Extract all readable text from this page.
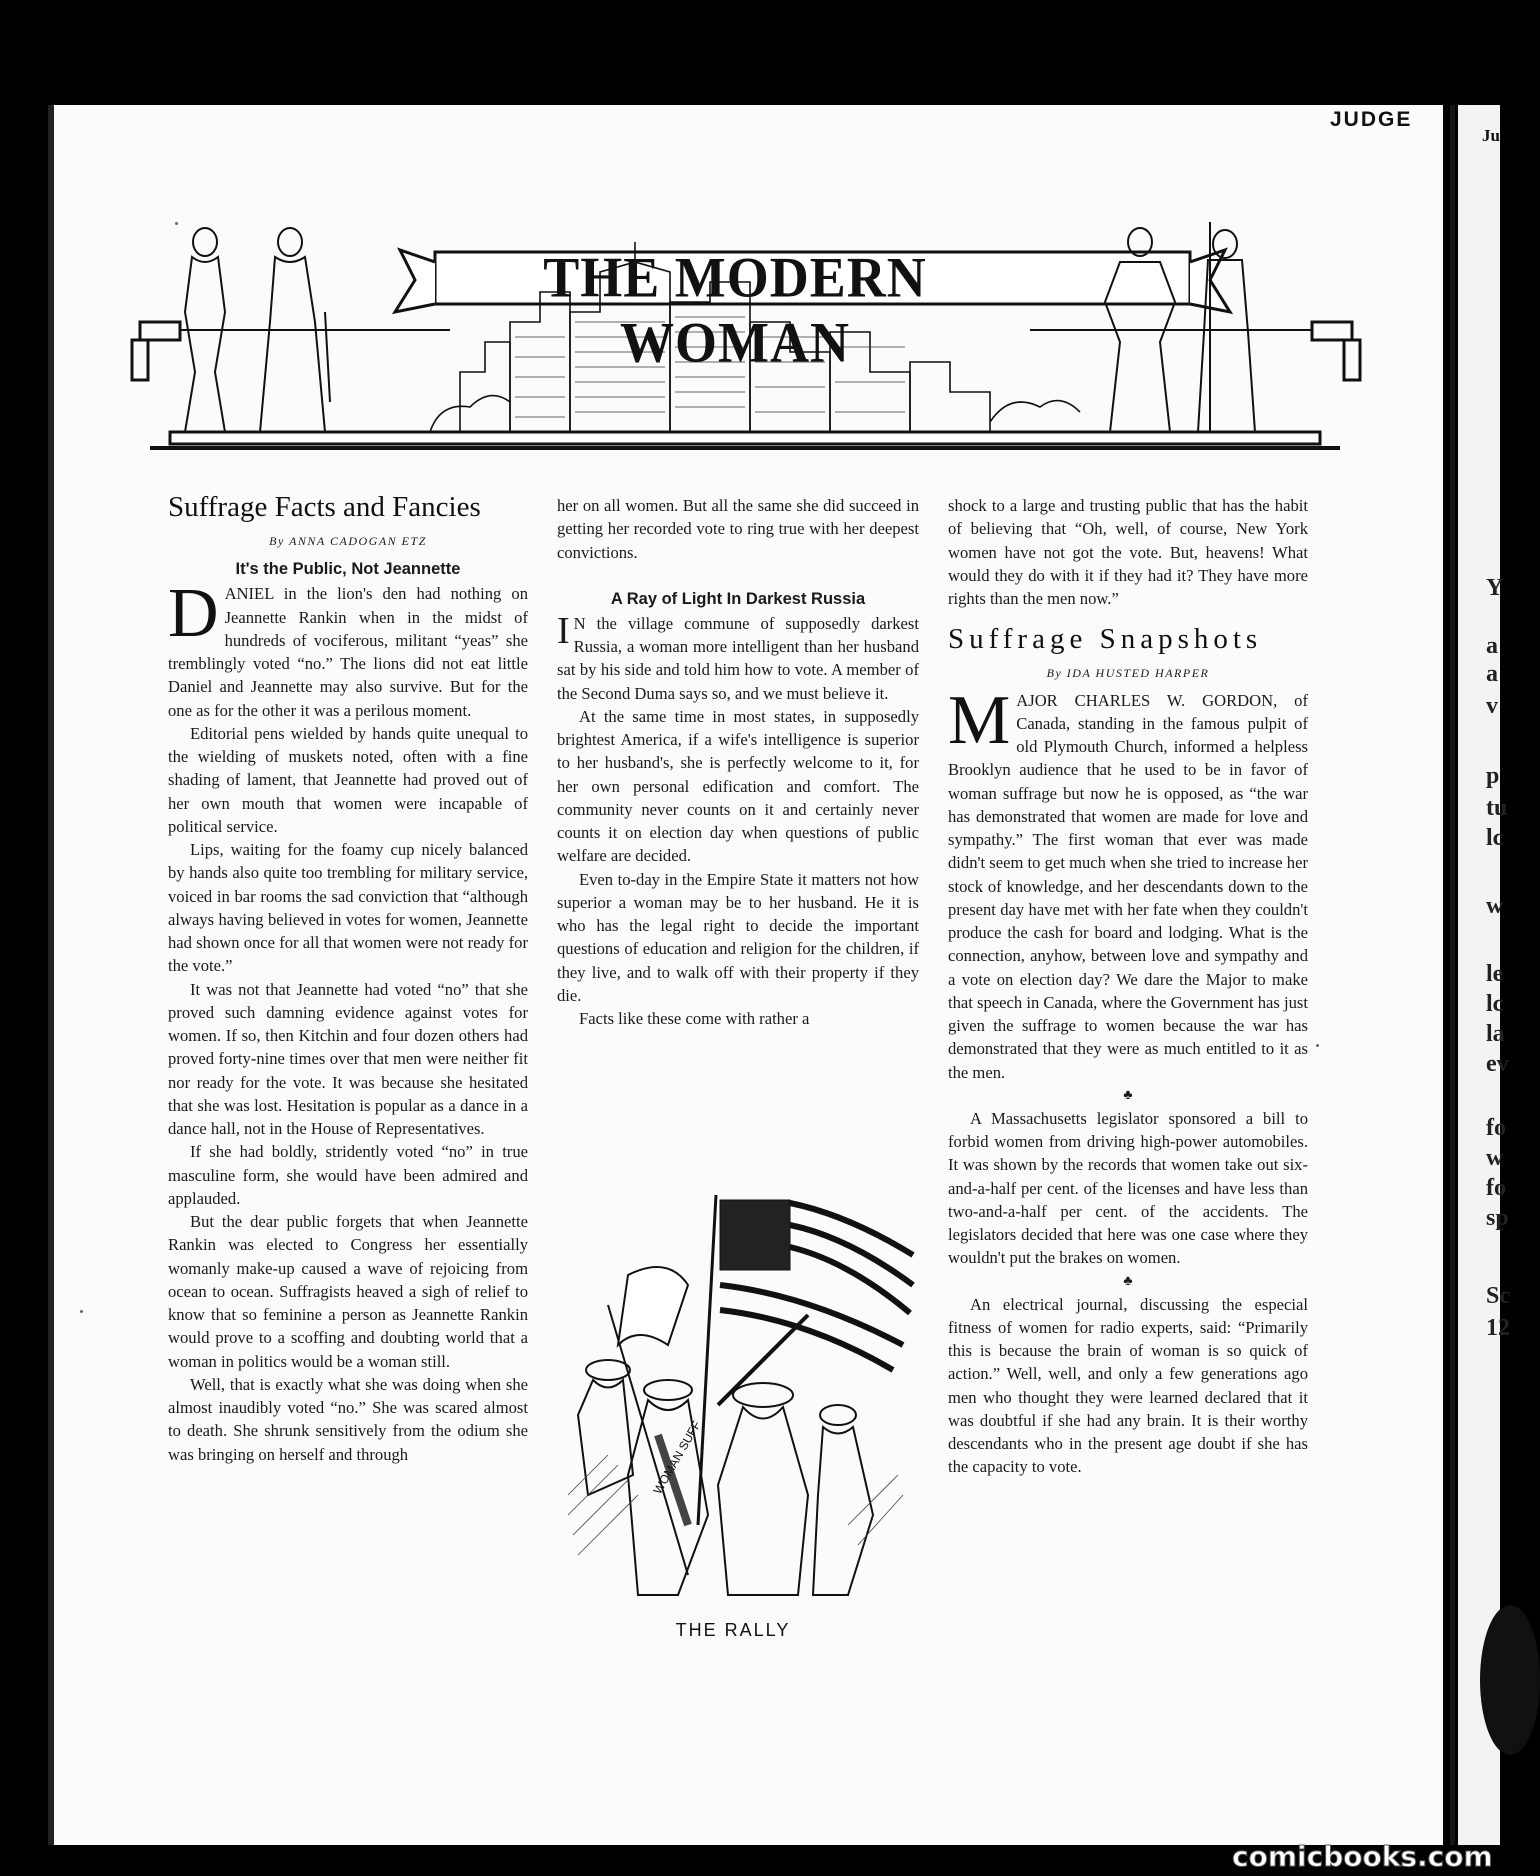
Y
a
a
v
p
tu
lc
w
le
lc
la
ev
fo
w
fo
sp
Sc
12
JUDGE
Ju
THE MODERN WOMAN
Suffrage Facts and Fancies
By ANNA CADOGAN ETZ
It's the Public, Not Jeannette

DANIEL in the lion's den had nothing on Jeannette Rankin when in the midst of hundreds of vociferous, militant “yeas” she tremblingly voted “no.” The lions did not eat little Daniel and Jeannette may also survive. But for the one as for the other it was a perilous moment.

Editorial pens wielded by hands quite unequal to the wielding of muskets noted, often with a fine shading of lament, that Jeannette had proved out of her own mouth that women were incapable of political service.

Lips, waiting for the foamy cup nicely balanced by hands also quite too trembling for military service, voiced in bar rooms the sad conviction that “although always having believed in votes for women, Jeannette had shown once for all that women were not ready for the vote.”

It was not that Jeannette had voted “no” that she proved such damning evidence against votes for women. If so, then Kitchin and four dozen others had proved forty-nine times over that men were neither fit nor ready for the vote. It was because she hesitated that she was lost. Hesitation is popular as a dance in a dance hall, not in the House of Representatives.

If she had boldly, stridently voted “no” in true masculine form, she would have been admired and applauded.

But the dear public forgets that when Jeannette Rankin was elected to Congress her essentially womanly make-up caused a wave of rejoicing from ocean to ocean. Suffragists heaved a sigh of relief to know that so feminine a person as Jeannette Rankin would prove to a scoffing and doubting world that a woman in politics would be a woman still.

Well, that is exactly what she was doing when she almost inaudibly voted “no.” She was scared almost to death. She shrunk sensitively from the odium she was bringing on herself and through

her on all women. But all the same she did succeed in getting her recorded vote to ring true with her deepest convictions.

A Ray of Light In Darkest Russia

I N the village commune of supposedly darkest Russia, a woman more intelligent than her husband sat by his side and told him how to vote. A member of the Second Duma says so, and we must believe it.

At the same time in most states, in supposedly brightest America, if a wife's intelligence is superior to her husband's, she is perfectly welcome to it, for her own personal edification and comfort. The community never counts on it and certainly never counts it on election day when questions of public welfare are decided.

Even to-day in the Empire State it matters not how superior a woman may be to her husband. He it is who has the legal right to decide the important questions of education and religion for the children, if they live, and to walk off with their property if they die.

Facts like these come with rather a

WOMAN SUFF
THE RALLY

shock to a large and trusting public that has the habit of believing that “Oh, well, of course, New York women have not got the vote. But, heavens! What would they do with it if they had it? They have more rights than the men now.”

Suffrage Snapshots
By IDA HUSTED HARPER

MAJOR CHARLES W. GORDON, of Canada, standing in the famous pulpit of old Plymouth Church, informed a helpless Brooklyn audience that he used to be in favor of woman suffrage but now he is opposed, as “the war has demonstrated that women are made for love and sympathy.” The first woman that ever was made didn't seem to get much when she tried to increase her stock of knowledge, and her descendants down to the present day have met with her fate when they couldn't produce the cash for board and lodging. What is the connection, anyhow, between love and sympathy and a vote on election day? We dare the Major to make that speech in Canada, where the Government has just given the suffrage to women because the war has demonstrated that they were as much entitled to it as the men.

♣

A Massachusetts legislator sponsored a bill to forbid women from driving high-power automobiles. It was shown by the records that women take out six-and-a-half per cent. of the licenses and have less than two-and-a-half per cent. of the accidents. The legislators decided that here was one case where they wouldn't put the brakes on women.

♣

An electrical journal, discussing the especial fitness of women for radio experts, said: “Primarily this is because the brain of woman is so quick of action.” Well, well, and only a few generations ago men who thought they were learned declared that it was doubtful if she had any brain. It is their worthy descendants who in the present age doubt if she has the capacity to vote.

comicbooks.com
